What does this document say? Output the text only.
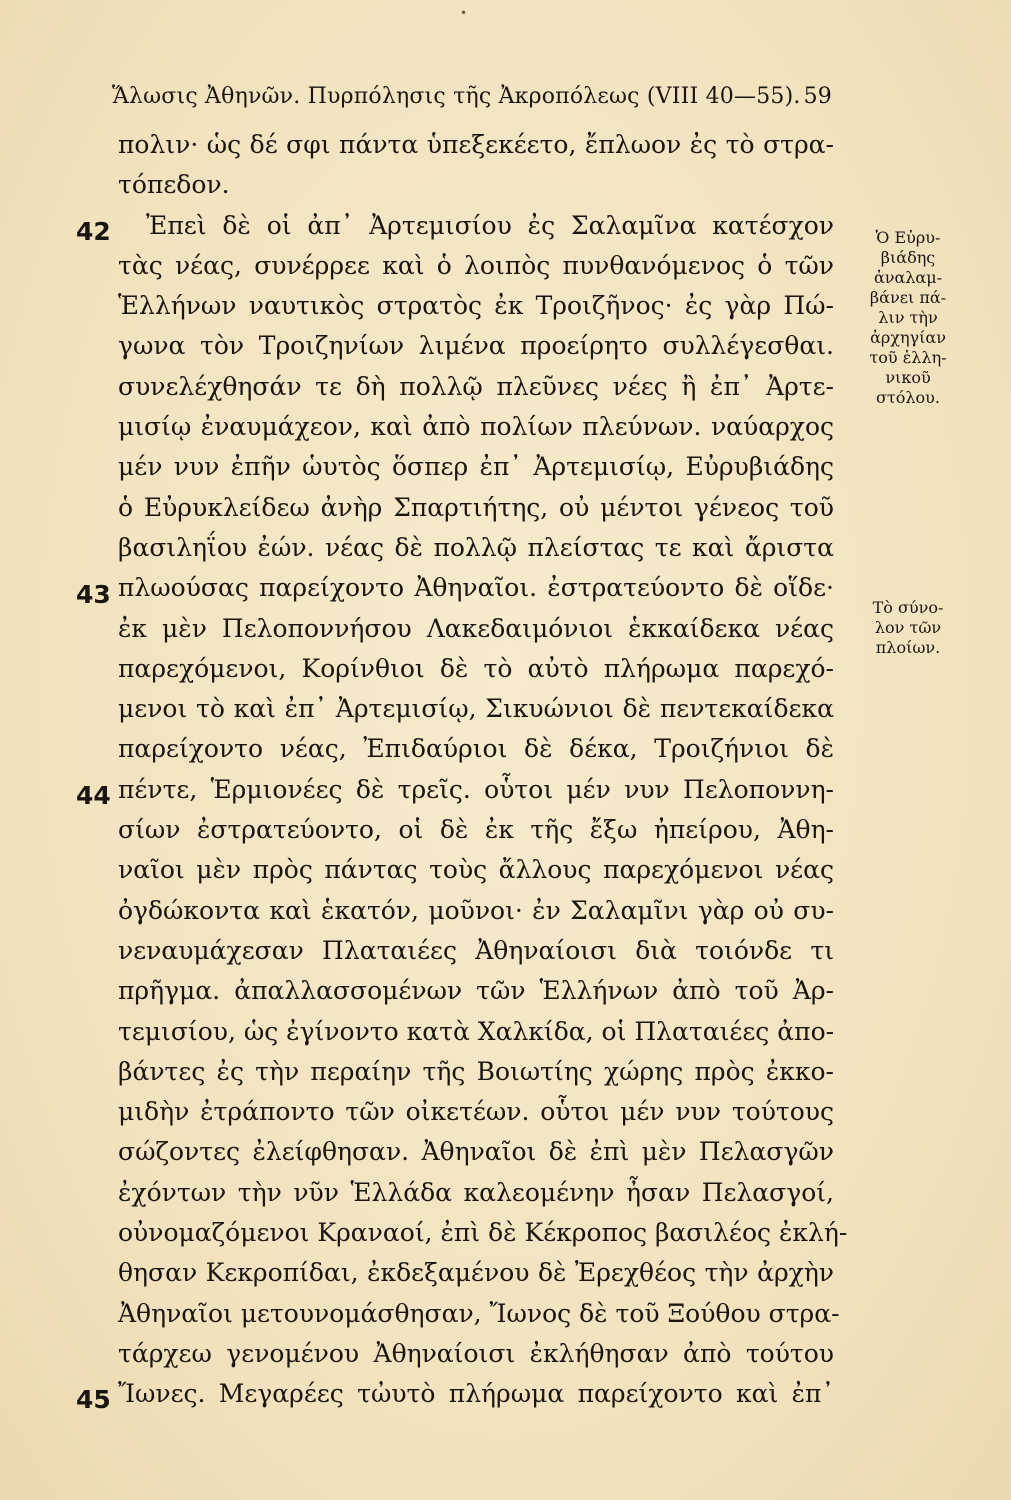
Ἅλωσις Ἀθηνῶν. Πυρπόλησις τῆς Ἀκροπόλεως (VIII 40—55). 59
•
πολιν· ὡς δέ σφι πάντα ὑπεξεκέετο, ἔπλωον ἐς τὸ στρα-
τόπεδον.
Ἐπεὶ δὲ οἱ ἀπ᾽ Ἀρτεμισίου ἐς Σαλαμῖνα κατέσχον
τὰς νέας, συνέρρεε καὶ ὁ λοιπὸς πυνθανόμενος ὁ τῶν
Ἑλλήνων ναυτικὸς στρατὸς ἐκ Τροιζῆνος· ἐς γὰρ Πώ-
γωνα τὸν Τροιζηνίων λιμένα προείρητο συλλέγεσθαι.
συνελέχθησάν τε δὴ πολλῷ πλεῦνες νέες ἢ ἐπ᾽ Ἀρτε-
μισίῳ ἐναυμάχεον, καὶ ἀπὸ πολίων πλεύνων. ναύαρχος
μέν νυν ἐπῆν ὡυτὸς ὅσπερ ἐπ᾽ Ἀρτεμισίῳ, Εὐρυβιάδης
ὁ Εὐρυκλείδεω ἀνὴρ Σπαρτιήτης, οὐ μέντοι γένεος τοῦ
βασιληΐου ἐών. νέας δὲ πολλῷ πλείστας τε καὶ ἄριστα
πλωούσας παρείχοντο Ἀθηναῖοι. ἐστρατεύοντο δὲ οἵδε·
ἐκ μὲν Πελοποννήσου Λακεδαιμόνιοι ἑκκαίδεκα νέας
παρεχόμενοι, Κορίνθιοι δὲ τὸ αὐτὸ πλήρωμα παρεχό-
μενοι τὸ καὶ ἐπ᾽ Ἀρτεμισίῳ, Σικυώνιοι δὲ πεντεκαίδεκα
παρείχοντο νέας, Ἐπιδαύριοι δὲ δέκα, Τροιζήνιοι δὲ
πέντε, Ἑρμιονέες δὲ τρεῖς. οὗτοι μέν νυν Πελοποννη-
σίων ἐστρατεύοντο, οἱ δὲ ἐκ τῆς ἔξω ἠπείρου, Ἀθη-
ναῖοι μὲν πρὸς πάντας τοὺς ἄλλους παρεχόμενοι νέας
ὀγδώκοντα καὶ ἑκατόν, μοῦνοι· ἐν Σαλαμῖνι γὰρ οὐ συ-
νεναυμάχεσαν Πλαταιέες Ἀθηναίοισι διὰ τοιόνδε τι
πρῆγμα. ἀπαλλασσομένων τῶν Ἑλλήνων ἀπὸ τοῦ Ἀρ-
τεμισίου, ὡς ἐγίνοντο κατὰ Χαλκίδα, οἱ Πλαταιέες ἀπο-
βάντες ἐς τὴν περαίην τῆς Βοιωτίης χώρης πρὸς ἐκκο-
μιδὴν ἐτράποντο τῶν οἰκετέων. οὗτοι μέν νυν τούτους
σώζοντες ἐλείφθησαν. Ἀθηναῖοι δὲ ἐπὶ μὲν Πελασγῶν
ἐχόντων τὴν νῦν Ἑλλάδα καλεομένην ἦσαν Πελασγοί,
οὐνομαζόμενοι Κραναοί, ἐπὶ δὲ Κέκροπος βασιλέος ἐκλή-
θησαν Κεκροπίδαι, ἐκδεξαμένου δὲ Ἐρεχθέος τὴν ἀρχὴν
Ἀθηναῖοι μετουνομάσθησαν, Ἴωνος δὲ τοῦ Ξούθου στρα-
τάρχεω γενομένου Ἀθηναίοισι ἐκλήθησαν ἀπὸ τούτου
Ἴωνες. Μεγαρέες τὠυτὸ πλήρωμα παρείχοντο καὶ ἐπ᾽
42
43
44
45
Ὁ Εὐρυ-
βιάδης
ἀναλαμ-
βάνει πά-
λιν τὴν
ἀρχηγίαν
τοῦ ἑλλη-
νικοῦ
στόλου.
Τὸ σύνο-
λον τῶν
πλοίων.
